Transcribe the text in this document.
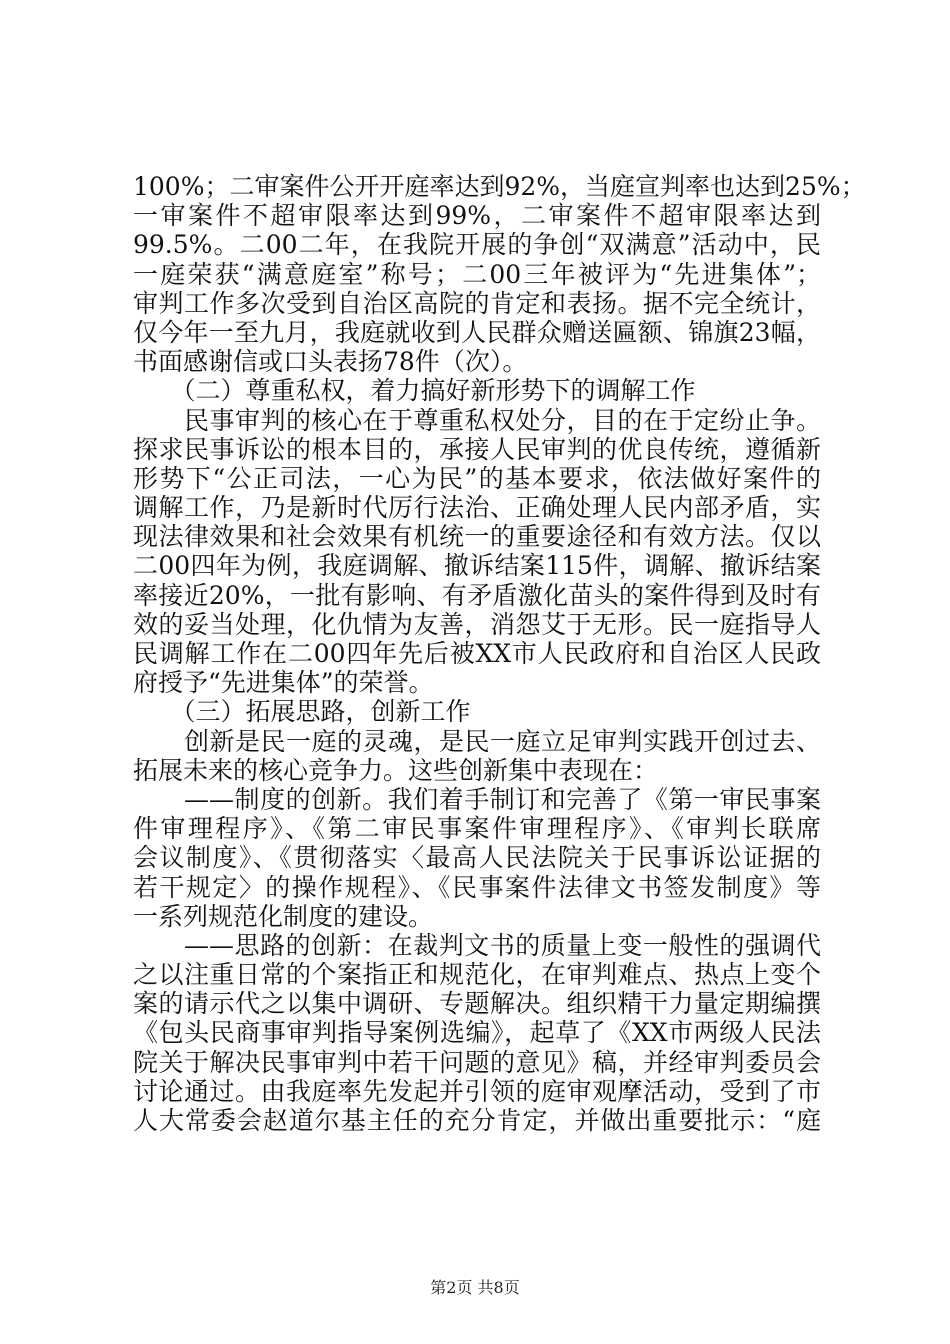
100%；二审案件公开开庭率达到92%，当庭宣判率也达到25%；
一审案件不超审限率达到99%，二审案件不超审限率达到
99.5%。二00二年，在我院开展的争创“双满意”活动中，民
一庭荣获“满意庭室”称号；二00三年被评为“先进集体”；
审判工作多次受到自治区高院的肯定和表扬。据不完全统计，
仅今年一至九月，我庭就收到人民群众赠送匾额、锦旗23幅，
书面感谢信或口头表扬78件（次）。
　　（二）尊重私权，着力搞好新形势下的调解工作
　　民事审判的核心在于尊重私权处分，目的在于定纷止争。
探求民事诉讼的根本目的，承接人民审判的优良传统，遵循新
形势下“公正司法，一心为民”的基本要求，依法做好案件的
调解工作，乃是新时代厉行法治、正确处理人民内部矛盾，实
现法律效果和社会效果有机统一的重要途径和有效方法。仅以
二00四年为例，我庭调解、撤诉结案115件，调解、撤诉结案
率接近20%，一批有影响、有矛盾激化苗头的案件得到及时有
效的妥当处理，化仇情为友善，消怨艾于无形。民一庭指导人
民调解工作在二00四年先后被XX市人民政府和自治区人民政
府授予“先进集体”的荣誉。
　　（三）拓展思路，创新工作
　　创新是民一庭的灵魂，是民一庭立足审判实践开创过去、
拓展未来的核心竞争力。这些创新集中表现在：
　　——制度的创新。我们着手制订和完善了《第一审民事案
件审理程序》、《第二审民事案件审理程序》、《审判长联席
会议制度》、《贯彻落实〈最高人民法院关于民事诉讼证据的
若干规定〉的操作规程》、《民事案件法律文书签发制度》等
一系列规范化制度的建设。
　　——思路的创新：在裁判文书的质量上变一般性的强调代
之以注重日常的个案指正和规范化，在审判难点、热点上变个
案的请示代之以集中调研、专题解决。组织精干力量定期编撰
《包头民商事审判指导案例选编》，起草了《XX市两级人民法
院关于解决民事审判中若干问题的意见》稿，并经审判委员会
讨论通过。由我庭率先发起并引领的庭审观摩活动，受到了市
人大常委会赵道尔基主任的充分肯定，并做出重要批示：“庭
第2页 共8页
